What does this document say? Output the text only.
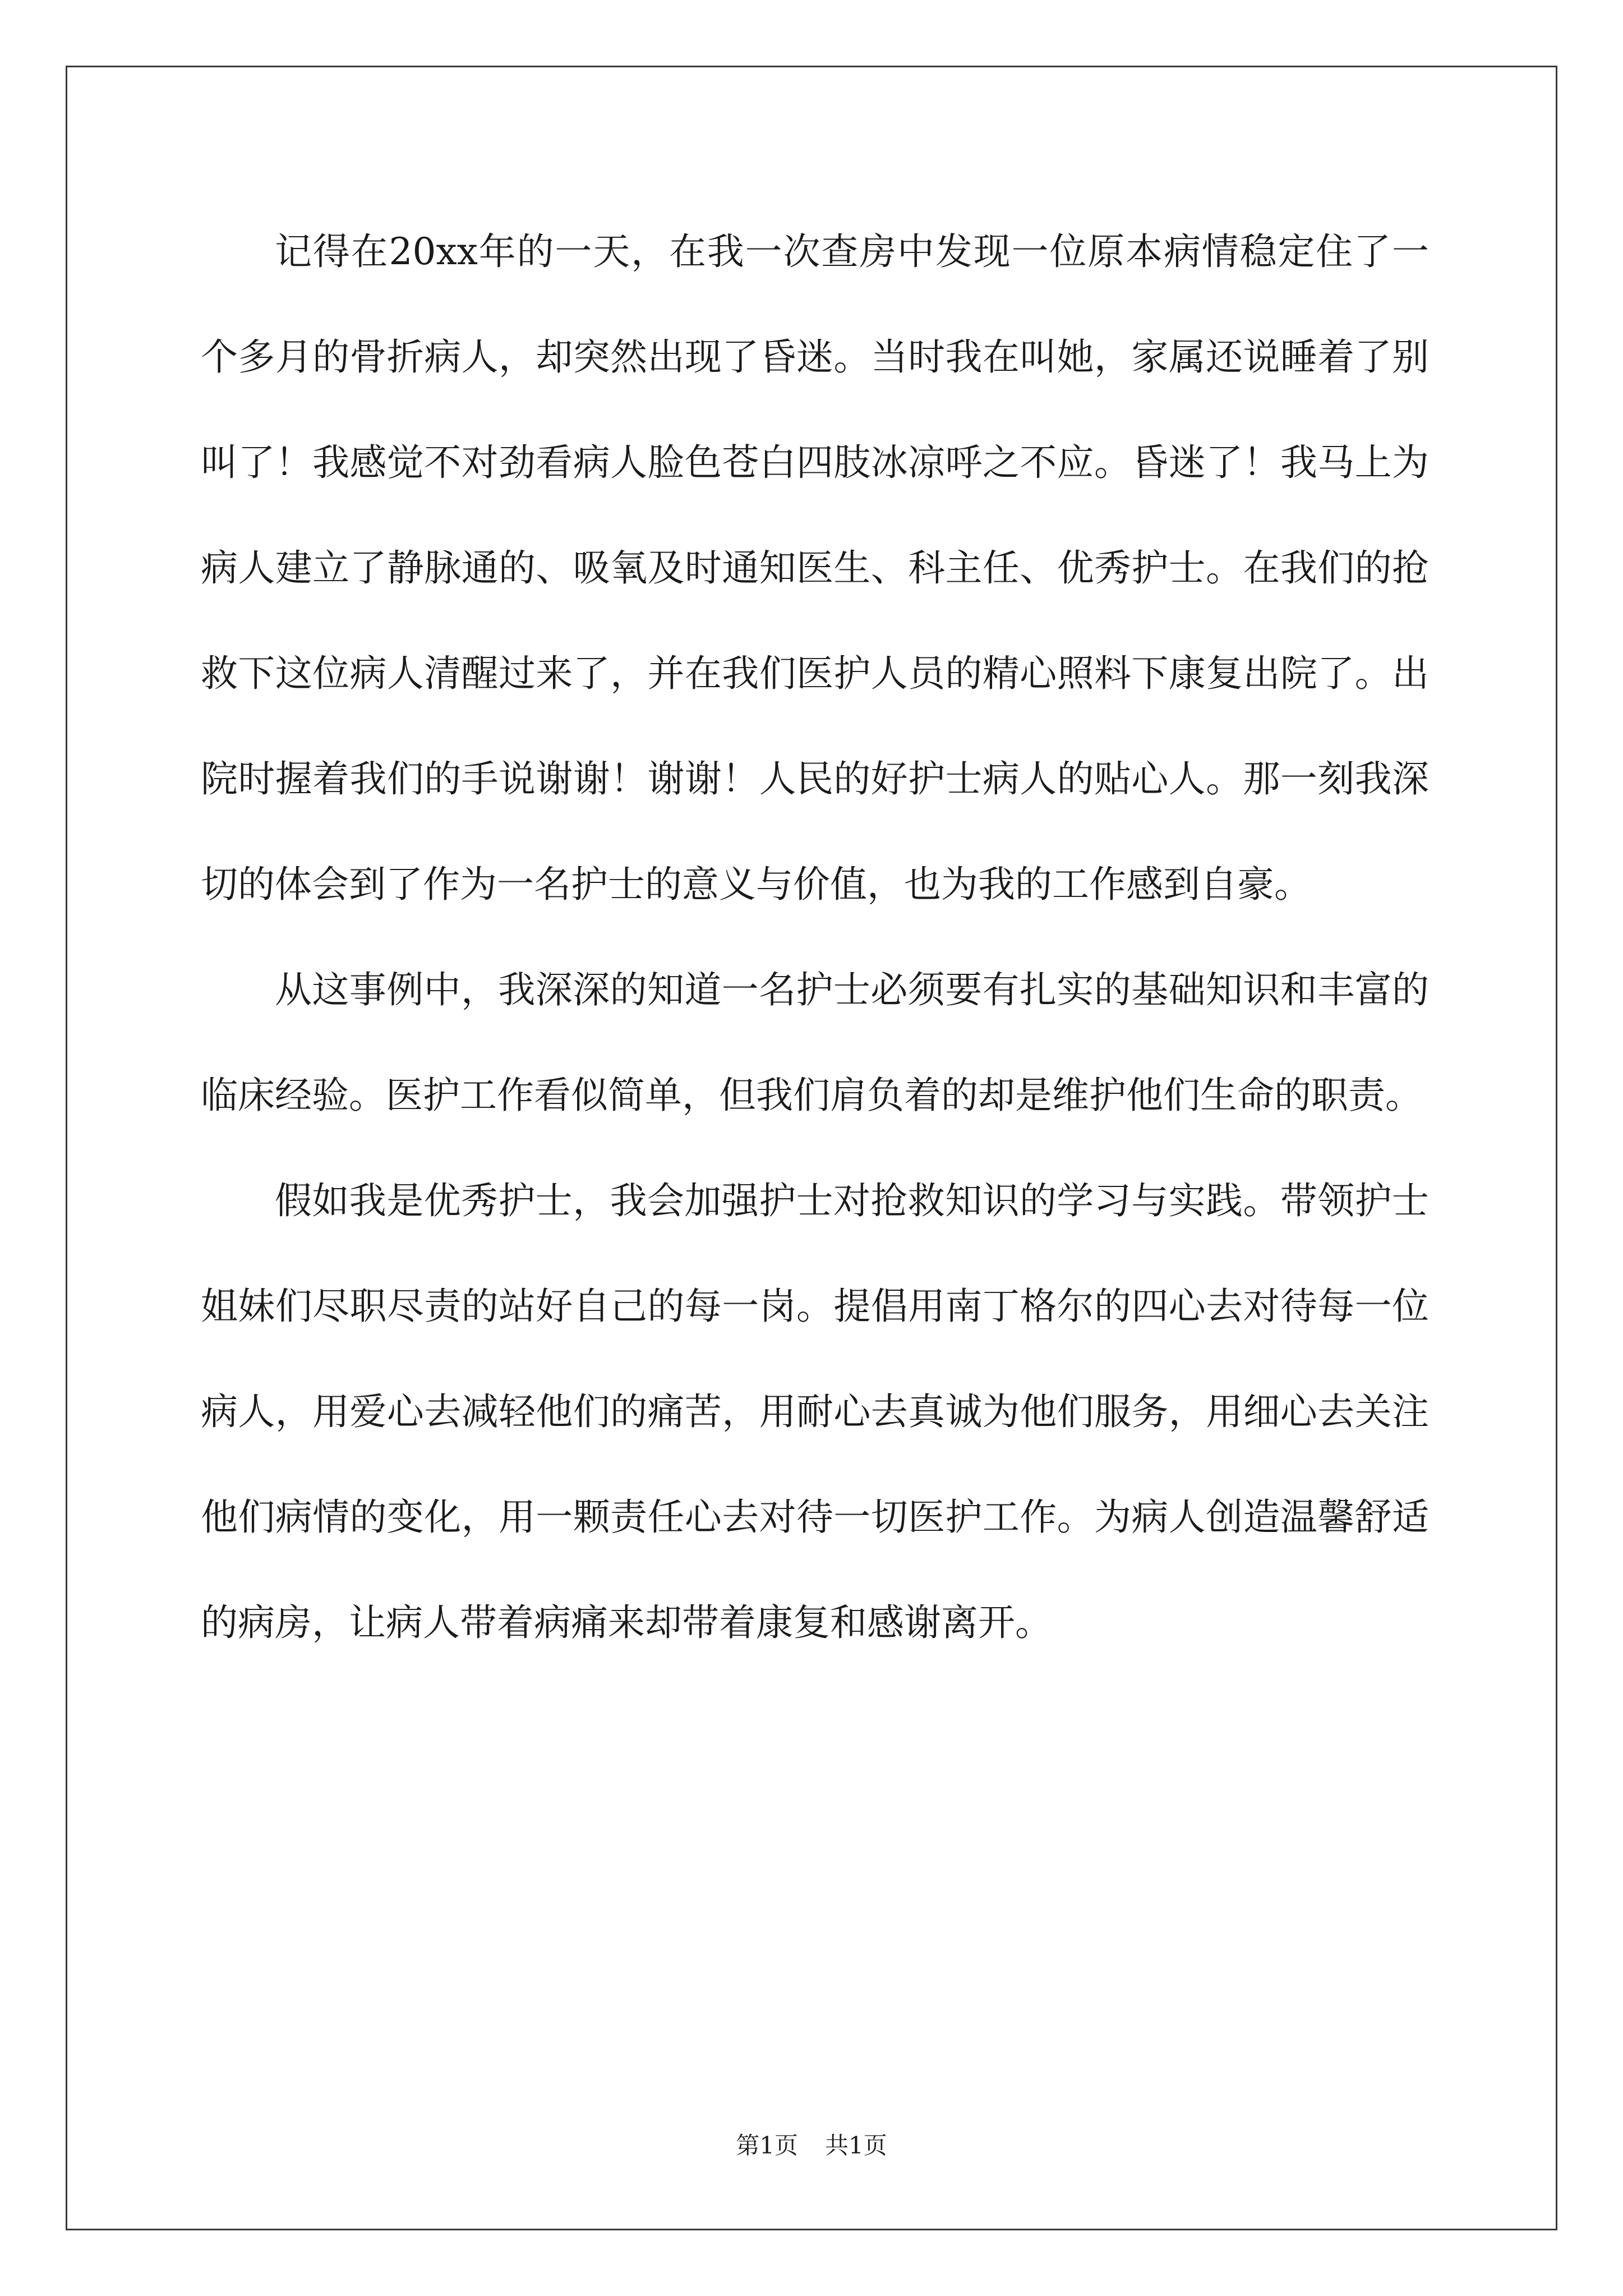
记得在20xx年的一天，在我一次查房中发现一位原本病情稳定住了一个多月的骨折病人，却突然出现了昏迷。当时我在叫她，家属还说睡着了别叫了！我感觉不对劲看病人脸色苍白四肢冰凉呼之不应。昏迷了！我马上为病人建立了静脉通的、吸氧及时通知医生、科主任、优秀护士。在我们的抢救下这位病人清醒过来了，并在我们医护人员的精心照料下康复出院了。出院时握着我们的手说谢谢！谢谢！人民的好护士病人的贴心人。那一刻我深切的体会到了作为一名护士的意义与价值，也为我的工作感到自豪。

从这事例中，我深深的知道一名护士必须要有扎实的基础知识和丰富的临床经验。医护工作看似简单，但我们肩负着的却是维护他们生命的职责。

假如我是优秀护士，我会加强护士对抢救知识的学习与实践。带领护士姐妹们尽职尽责的站好自己的每一岗。提倡用南丁格尔的四心去对待每一位病人，用爱心去减轻他们的痛苦，用耐心去真诚为他们服务，用细心去关注他们病情的变化，用一颗责任心去对待一切医护工作。为病人创造温馨舒适的病房，让病人带着病痛来却带着康复和感谢离开。

第1页 共1页
